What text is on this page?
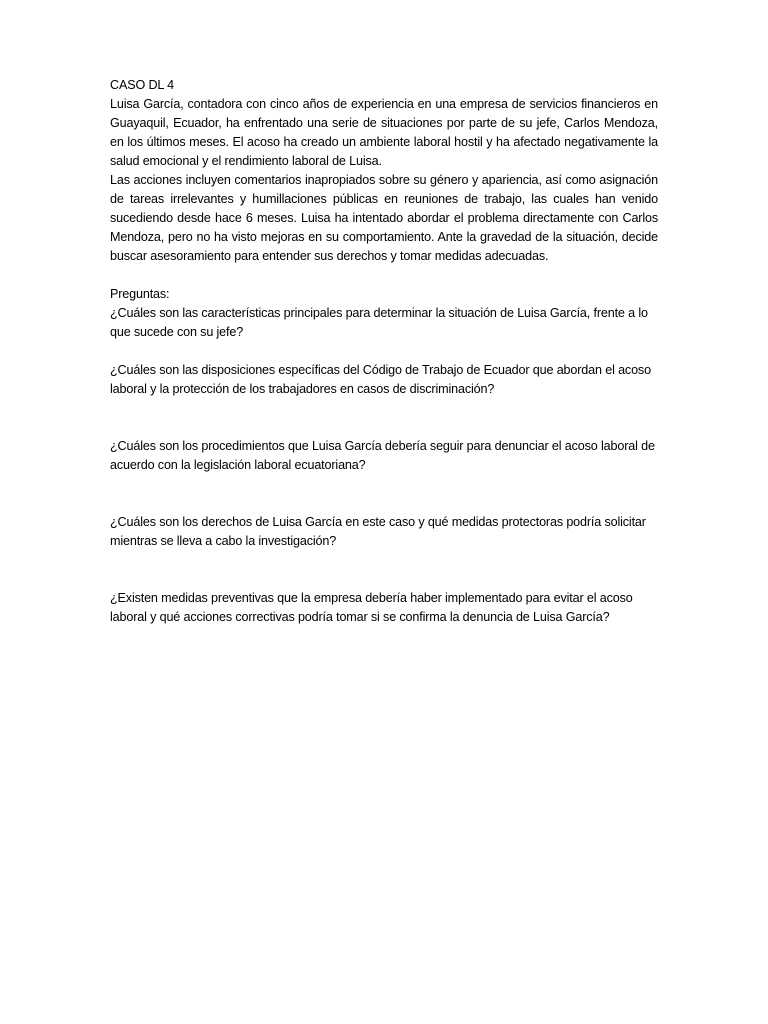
CASO DL 4

Luisa García, contadora con cinco años de experiencia en una empresa de servicios financieros en Guayaquil, Ecuador, ha enfrentado una serie de situaciones por parte de su jefe, Carlos Mendoza, en los últimos meses. El acoso ha creado un ambiente laboral hostil y ha afectado negativamente la salud emocional y el rendimiento laboral de Luisa.

Las acciones incluyen comentarios inapropiados sobre su género y apariencia, así como asignación de tareas irrelevantes y humillaciones públicas en reuniones de trabajo, las cuales han venido sucediendo desde hace 6 meses. Luisa ha intentado abordar el problema directamente con Carlos Mendoza, pero no ha visto mejoras en su comportamiento. Ante la gravedad de la situación, decide buscar asesoramiento para entender sus derechos y tomar medidas adecuadas.

Preguntas:

¿Cuáles son las características principales para determinar la situación de Luisa García, frente a lo que sucede con su jefe?

¿Cuáles son las disposiciones específicas del Código de Trabajo de Ecuador que abordan el acoso laboral y la protección de los trabajadores en casos de discriminación?

¿Cuáles son los procedimientos que Luisa García debería seguir para denunciar el acoso laboral de acuerdo con la legislación laboral ecuatoriana?

¿Cuáles son los derechos de Luisa García en este caso y qué medidas protectoras podría solicitar mientras se lleva a cabo la investigación?

¿Existen medidas preventivas que la empresa debería haber implementado para evitar el acoso laboral y qué acciones correctivas podría tomar si se confirma la denuncia de Luisa García?
